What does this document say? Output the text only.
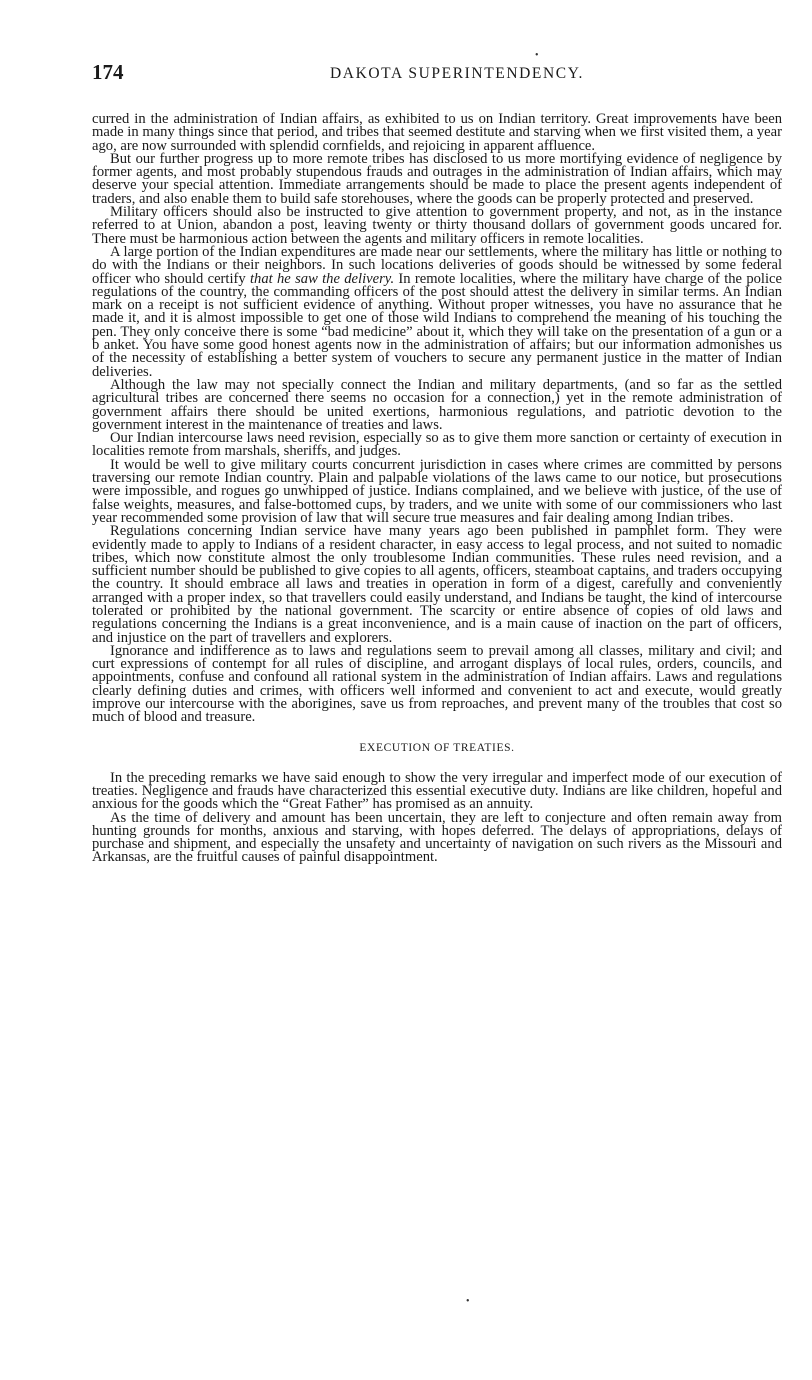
174	DAKOTA SUPERINTENDENCY.
•

curred in the administration of Indian affairs, as exhibited to us on Indian territory. Great improvements have been made in many things since that period, and tribes that seemed destitute and starving when we first visited them, a year ago, are now surrounded with splendid cornfields, and rejoicing in apparent affluence.

But our further progress up to more remote tribes has disclosed to us more mortifying evidence of negligence by former agents, and most probably stupendous frauds and outrages in the administration of Indian affairs, which may deserve your special attention. Immediate arrangements should be made to place the present agents independent of traders, and also enable them to build safe storehouses, where the goods can be properly protected and preserved.

Military officers should also be instructed to give attention to government property, and not, as in the instance referred to at Union, abandon a post, leaving twenty or thirty thousand dollars of government goods uncared for. There must be harmonious action between the agents and military officers in remote localities.

A large portion of the Indian expenditures are made near our settlements, where the military has little or nothing to do with the Indians or their neighbors. In such locations deliveries of goods should be witnessed by some federal officer who should certify that he saw the delivery. In remote localities, where the military have charge of the police regulations of the country, the commanding officers of the post should attest the delivery in similar terms. An Indian mark on a receipt is not sufficient evidence of anything. Without proper witnesses, you have no assurance that he made it, and it is almost impossible to get one of those wild Indians to comprehend the meaning of his touching the pen. They only conceive there is some “bad medicine” about it, which they will take on the presentation of a gun or a b anket. You have some good honest agents now in the administration of affairs; but our information admonishes us of the necessity of establishing a better system of vouchers to secure any permanent justice in the matter of Indian deliveries.

Although the law may not specially connect the Indian and military departments, (and so far as the settled agricultural tribes are concerned there seems no occasion for a connection,) yet in the remote administration of government affairs there should be united exertions, harmonious regulations, and patriotic devotion to the government interest in the maintenance of treaties and laws.

Our Indian intercourse laws need revision, especially so as to give them more sanction or certainty of execution in localities remote from marshals, sheriffs, and judges.

It would be well to give military courts concurrent jurisdiction in cases where crimes are committed by persons traversing our remote Indian country. Plain and palpable violations of the laws came to our notice, but prosecutions were impossible, and rogues go unwhipped of justice. Indians complained, and we believe with justice, of the use of false weights, measures, and false-bottomed cups, by traders, and we unite with some of our commissioners who last year recommended some provision of law that will secure true measures and fair dealing among Indian tribes.

Regulations concerning Indian service have many years ago been published in pamphlet form. They were evidently made to apply to Indians of a resident character, in easy access to legal process, and not suited to nomadic tribes, which now constitute almost the only troublesome Indian communities. These rules need revision, and a sufficient number should be published to give copies to all agents, officers, steamboat captains, and traders occupying the country. It should embrace all laws and treaties in operation in form of a digest, carefully and conveniently arranged with a proper index, so that travellers could easily understand, and Indians be taught, the kind of intercourse tolerated or prohibited by the national government. The scarcity or entire absence of copies of old laws and regulations concerning the Indians is a great inconvenience, and is a main cause of inaction on the part of officers, and injustice on the part of travellers and explorers.

Ignorance and indifference as to laws and regulations seem to prevail among all classes, military and civil; and curt expressions of contempt for all rules of discipline, and arrogant displays of local rules, orders, councils, and appointments, confuse and confound all rational system in the administration of Indian affairs. Laws and regulations clearly defining duties and crimes, with officers well informed and convenient to act and execute, would greatly improve our intercourse with the aborigines, save us from reproaches, and prevent many of the troubles that cost so much of blood and treasure.

EXECUTION OF TREATIES.

In the preceding remarks we have said enough to show the very irregular and imperfect mode of our execution of treaties. Negligence and frauds have characterized this essential executive duty. Indians are like children, hopeful and anxious for the goods which the “Great Father” has promised as an annuity.

As the time of delivery and amount has been uncertain, they are left to conjecture and often remain away from hunting grounds for months, anxious and starving, with hopes deferred. The delays of appropriations, delays of purchase and shipment, and especially the unsafety and uncertainty of navigation on such rivers as the Missouri and Arkansas, are the fruitful causes of painful disappointment.

•
